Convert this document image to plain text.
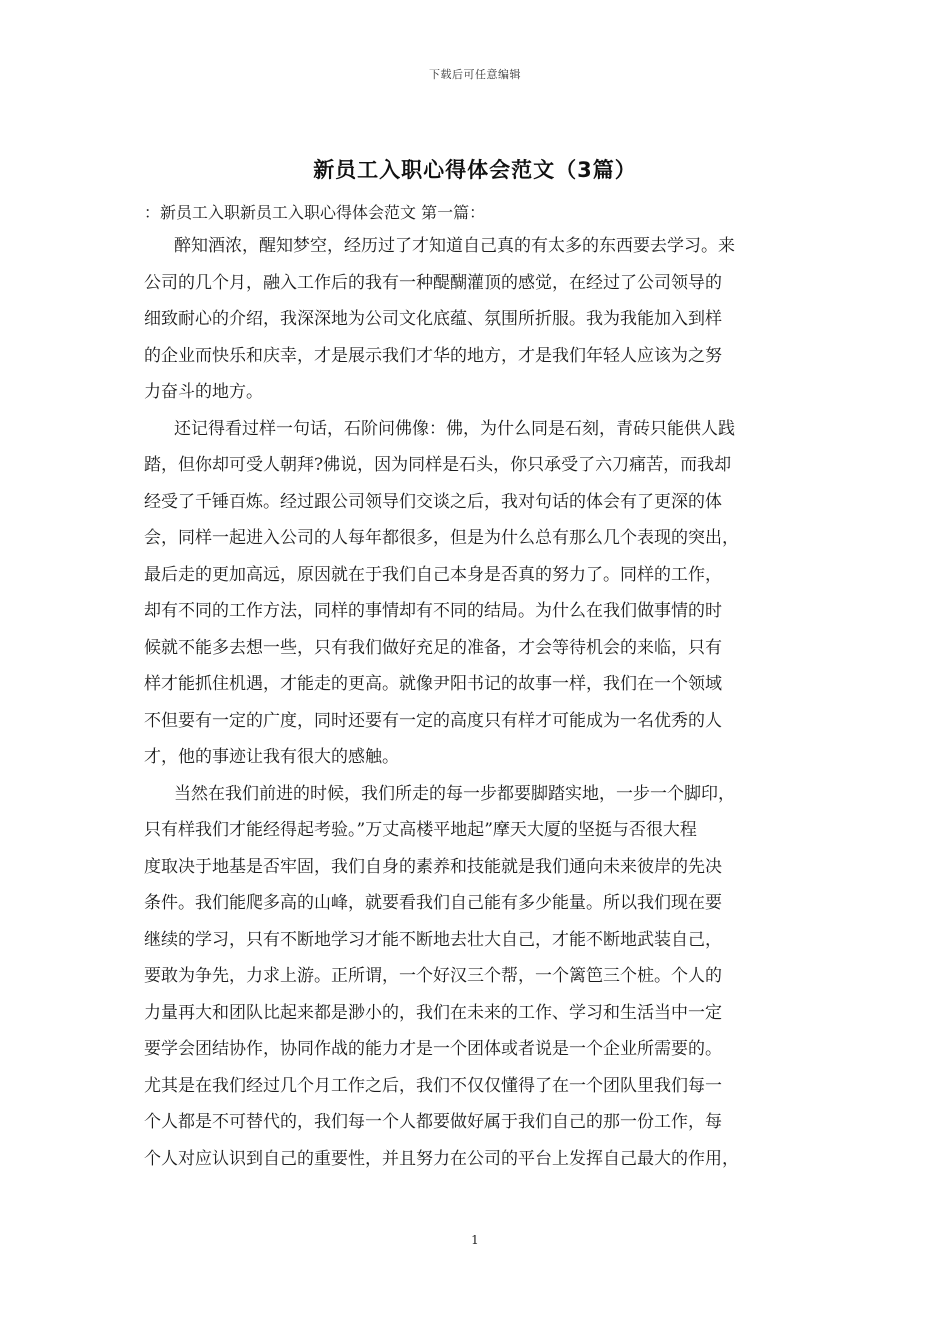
下载后可任意编辑
新员工入职心得体会范文（3篇）
：新员工入职新员工入职心得体会范文 第一篇：
醉知酒浓，醒知梦空，经历过了才知道自己真的有太多的东西要去学习。来
公司的几个月，融入工作后的我有一种醍醐灌顶的感觉，在经过了公司领导的
细致耐心的介绍，我深深地为公司文化底蕴、氛围所折服。我为我能加入到样
的企业而快乐和庆幸，才是展示我们才华的地方，才是我们年轻人应该为之努
力奋斗的地方。
还记得看过样一句话，石阶问佛像：佛，为什么同是石刻，青砖只能供人践
踏，但你却可受人朝拜?佛说，因为同样是石头，你只承受了六刀痛苦，而我却
经受了千锤百炼。经过跟公司领导们交谈之后，我对句话的体会有了更深的体
会，同样一起进入公司的人每年都很多，但是为什么总有那么几个表现的突出，
最后走的更加高远，原因就在于我们自己本身是否真的努力了。同样的工作，
却有不同的工作方法，同样的事情却有不同的结局。为什么在我们做事情的时
候就不能多去想一些，只有我们做好充足的准备，才会等待机会的来临，只有
样才能抓住机遇，才能走的更高。就像尹阳书记的故事一样，我们在一个领域
不但要有一定的广度，同时还要有一定的高度只有样才可能成为一名优秀的人
才，他的事迹让我有很大的感触。
当然在我们前进的时候，我们所走的每一步都要脚踏实地，一步一个脚印，
只有样我们才能经得起考验。”万丈高楼平地起”摩天大厦的坚挺与否很大程
度取决于地基是否牢固，我们自身的素养和技能就是我们通向未来彼岸的先决
条件。我们能爬多高的山峰，就要看我们自己能有多少能量。所以我们现在要
继续的学习，只有不断地学习才能不断地去壮大自己，才能不断地武装自己，
要敢为争先，力求上游。正所谓，一个好汉三个帮，一个篱笆三个桩。个人的
力量再大和团队比起来都是渺小的，我们在未来的工作、学习和生活当中一定
要学会团结协作，协同作战的能力才是一个团体或者说是一个企业所需要的。
尤其是在我们经过几个月工作之后，我们不仅仅懂得了在一个团队里我们每一
个人都是不可替代的，我们每一个人都要做好属于我们自己的那一份工作，每
个人对应认识到自己的重要性，并且努力在公司的平台上发挥自己最大的作用，
1
